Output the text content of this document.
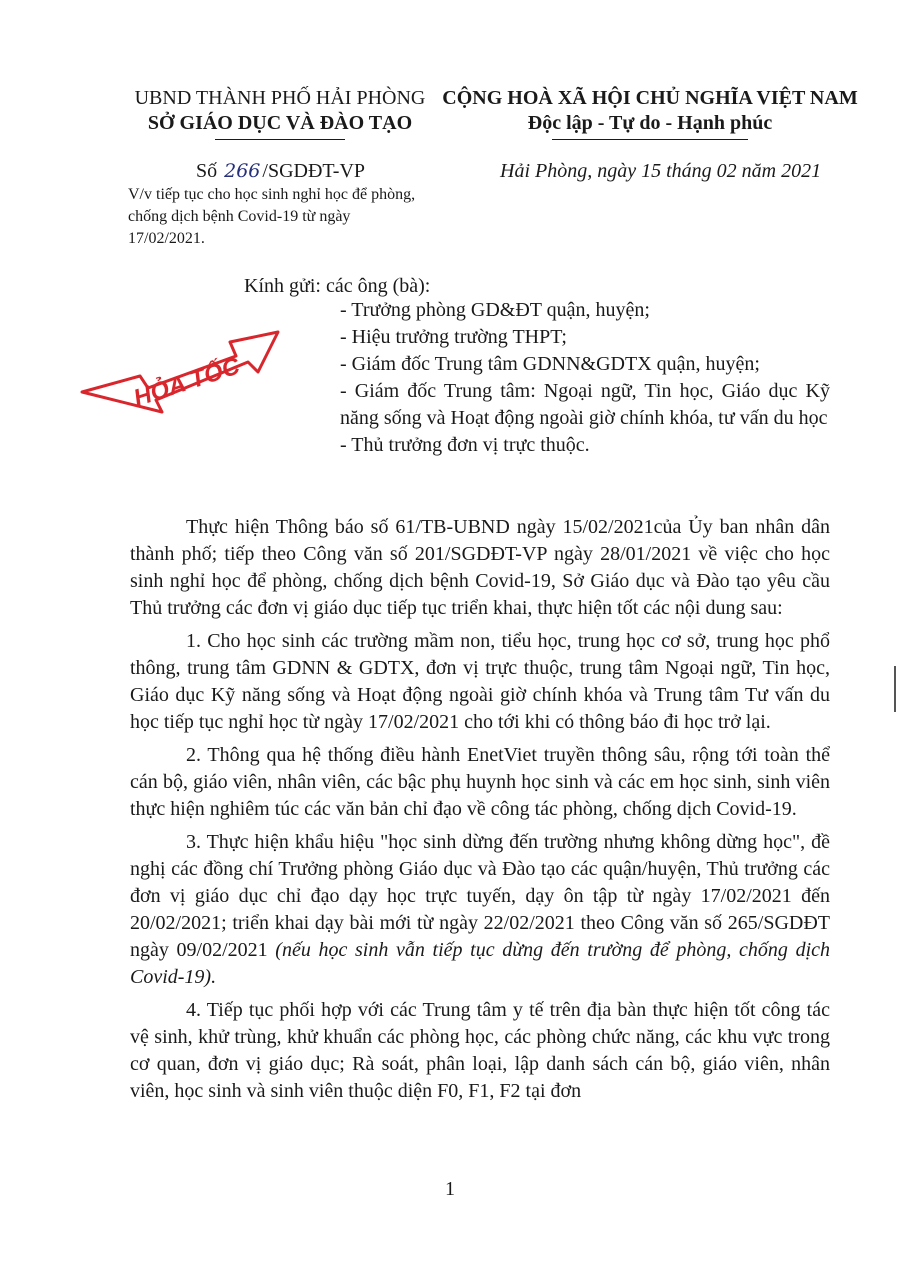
UBND THÀNH PHỐ HẢI PHÒNG
SỞ GIÁO DỤC VÀ ĐÀO TẠO
CỘNG HOÀ XÃ HỘI CHỦ NGHĨA VIỆT NAM
Độc lập - Tự do - Hạnh phúc
Số 266 /SGDĐT-VP
V/v tiếp tục cho học sinh nghỉ học để phòng, chống dịch bệnh Covid-19 từ ngày 17/02/2021.
Hải Phòng, ngày 15 tháng 02 năm 2021
Kính gửi: các ông (bà):
- Trưởng phòng GD&ĐT quận, huyện;
- Hiệu trưởng trường THPT;
- Giám đốc Trung tâm GDNN&GDTX quận, huyện;
- Giám đốc Trung tâm: Ngoại ngữ, Tin học, Giáo dục Kỹ năng sống và Hoạt động ngoài giờ chính khóa, tư vấn du học
- Thủ trưởng đơn vị trực thuộc.
HỎA TỐC

Thực hiện Thông báo số 61/TB-UBND ngày 15/02/2021của Ủy ban nhân dân thành phố; tiếp theo Công văn số 201/SGDĐT-VP ngày 28/01/2021 về việc cho học sinh nghỉ học để phòng, chống dịch bệnh Covid-19, Sở Giáo dục và Đào tạo yêu cầu Thủ trưởng các đơn vị giáo dục tiếp tục triển khai, thực hiện tốt các nội dung sau:

1. Cho học sinh các trường mầm non, tiểu học, trung học cơ sở, trung học phổ thông, trung tâm GDNN & GDTX, đơn vị trực thuộc, trung tâm Ngoại ngữ, Tin học, Giáo dục Kỹ năng sống và Hoạt động ngoài giờ chính khóa và Trung tâm Tư vấn du học tiếp tục nghỉ học từ ngày 17/02/2021 cho tới khi có thông báo đi học trở lại.

2. Thông qua hệ thống điều hành EnetViet truyền thông sâu, rộng tới toàn thể cán bộ, giáo viên, nhân viên, các bậc phụ huynh học sinh và các em học sinh, sinh viên thực hiện nghiêm túc các văn bản chỉ đạo về công tác phòng, chống dịch Covid-19.

3. Thực hiện khẩu hiệu "học sinh dừng đến trường nhưng không dừng học", đề nghị các đồng chí Trưởng phòng Giáo dục và Đào tạo các quận/huyện, Thủ trưởng các đơn vị giáo dục chỉ đạo dạy học trực tuyến, dạy ôn tập từ ngày 17/02/2021 đến 20/02/2021; triển khai dạy bài mới từ ngày 22/02/2021 theo Công văn số 265/SGDĐT ngày 09/02/2021 (nếu học sinh vẫn tiếp tục dừng đến trường để phòng, chống dịch Covid-19).

4. Tiếp tục phối hợp với các Trung tâm y tế trên địa bàn thực hiện tốt công tác vệ sinh, khử trùng, khử khuẩn các phòng học, các phòng chức năng, các khu vực trong cơ quan, đơn vị giáo dục; Rà soát, phân loại, lập danh sách cán bộ, giáo viên, nhân viên, học sinh và sinh viên thuộc diện F0, F1, F2 tại đơn

1
